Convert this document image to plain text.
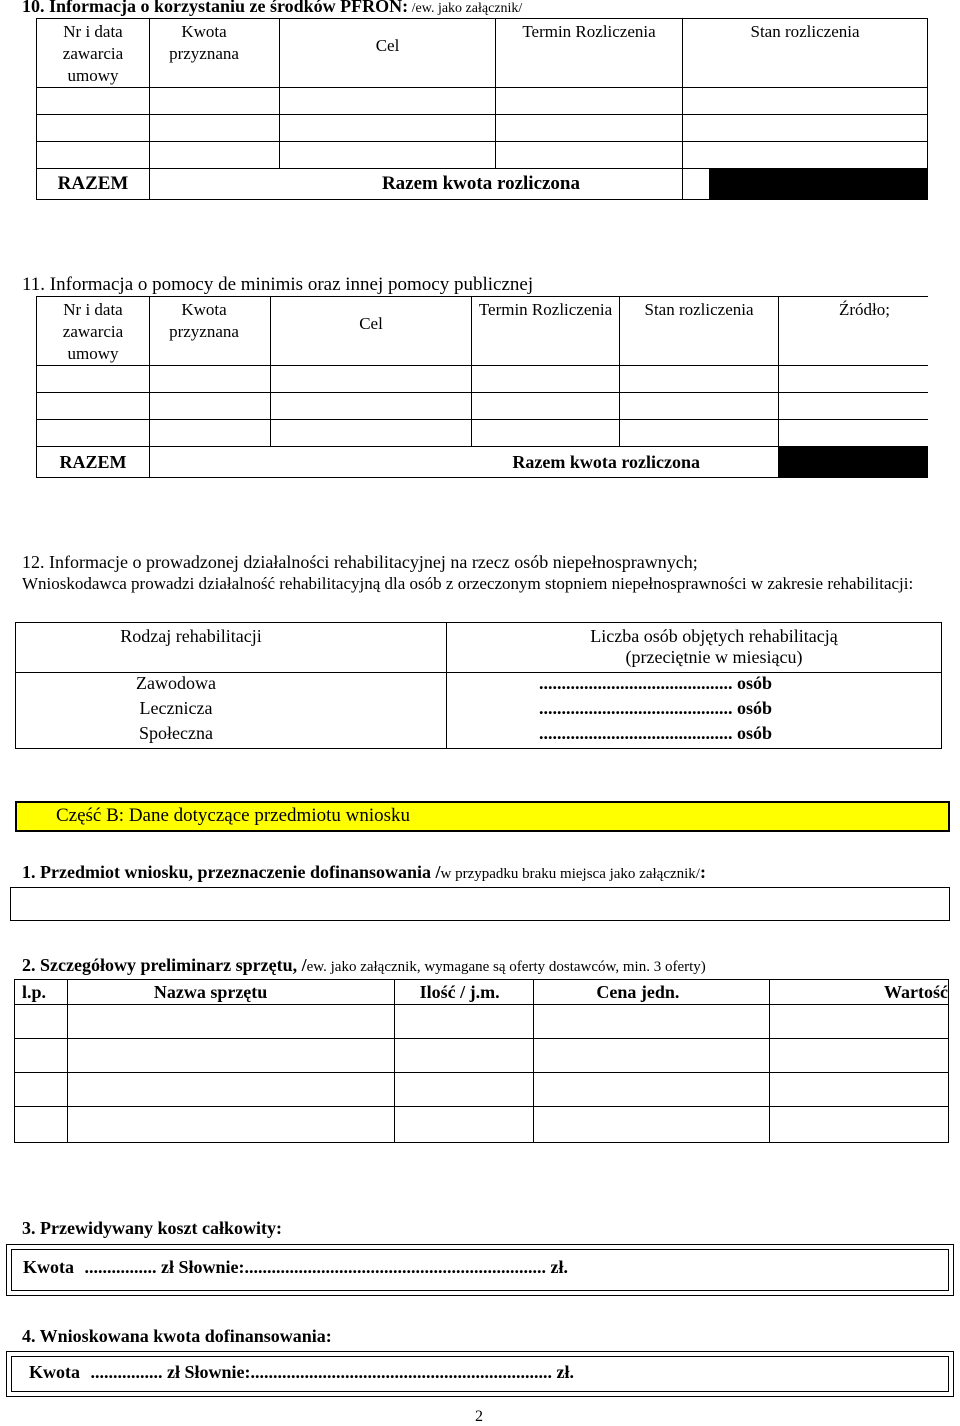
10. Informacja o korzystaniu ze środków PFRON: /ew. jako załącznik/
Nr i data zawarcia umowy	Kwota przyznana	Cel	Termin Rozliczenia	Stan rozliczenia

RAZEM	Razem kwota rozliczona			
11. Informacja o pomocy de minimis oraz innej pomocy publicznej
Nr i data zawarcia umowy	Kwota przyznana	Cel	Termin Rozliczenia	Stan rozliczenia	Źródło;

RAZEM	Razem kwota rozliczona				
12. Informacje o prowadzonej działalności rehabilitacyjnej na rzecz osób niepełnosprawnych;
Wnioskodawca prowadzi działalność rehabilitacyjną dla osób z orzeczonym stopniem niepełnosprawności w zakresie rehabilitacji:
Rodzaj rehabilitacji	Liczba osób objętych rehabilitacją
(przeciętnie w miesiącu)

Zawodowa	........................................... osób
Lecznicza	........................................... osób
Społeczna	........................................... osób
Część B: Dane dotyczące przedmiotu wniosku
1. Przedmiot wniosku, przeznaczenie dofinansowania /w przypadku braku miejsca jako załącznik/:
2. Szczegółowy preliminarz sprzętu, /ew. jako załącznik, wymagane są oferty dostawców, min. 3 oferty)
l.p.	Nazwa sprzętu	Ilość / j.m.	Cena jedn.	Wartość

3. Przewidywany koszt całkowity:
Kwota ................ zł Słownie:................................................................... zł.
4. Wnioskowana kwota dofinansowania:
Kwota ................ zł Słownie:................................................................... zł.
2
